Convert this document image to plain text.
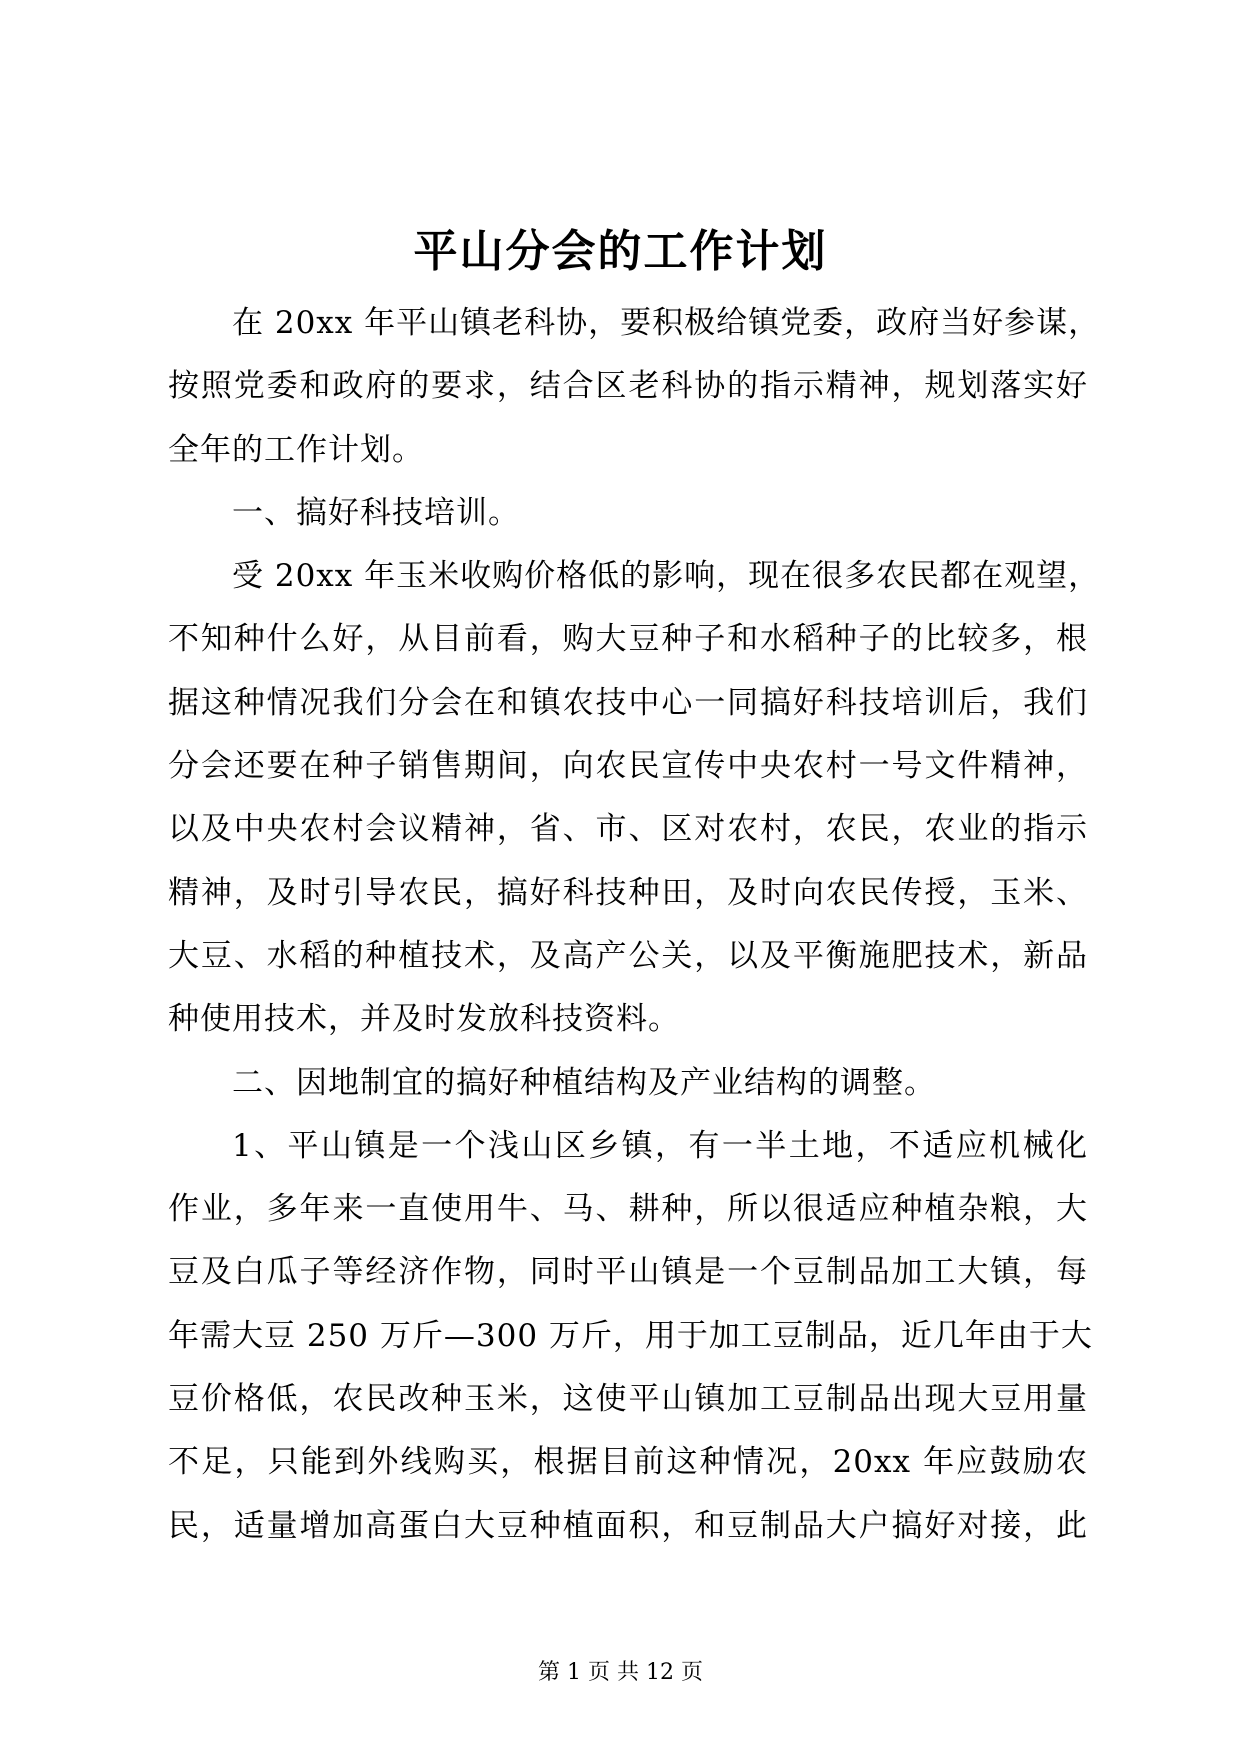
平山分会的工作计划
在 20xx 年平山镇老科协，要积极给镇党委，政府当好参谋，
按照党委和政府的要求，结合区老科协的指示精神，规划落实好
全年的工作计划。
一、搞好科技培训。
受 20xx 年玉米收购价格低的影响，现在很多农民都在观望，
不知种什么好，从目前看，购大豆种子和水稻种子的比较多，根
据这种情况我们分会在和镇农技中心一同搞好科技培训后，我们
分会还要在种子销售期间，向农民宣传中央农村一号文件精神，
以及中央农村会议精神，省、市、区对农村，农民，农业的指示
精神，及时引导农民，搞好科技种田，及时向农民传授，玉米、
大豆、水稻的种植技术，及高产公关，以及平衡施肥技术，新品
种使用技术，并及时发放科技资料。
二、因地制宜的搞好种植结构及产业结构的调整。
1、平山镇是一个浅山区乡镇，有一半土地，不适应机械化
作业，多年来一直使用牛、马、耕种，所以很适应种植杂粮，大
豆及白瓜子等经济作物，同时平山镇是一个豆制品加工大镇，每
年需大豆 250 万斤—300 万斤，用于加工豆制品，近几年由于大
豆价格低，农民改种玉米，这使平山镇加工豆制品出现大豆用量
不足，只能到外线购买，根据目前这种情况，20xx 年应鼓励农
民，适量增加高蛋白大豆种植面积，和豆制品大户搞好对接，此
第 1 页 共 12 页
